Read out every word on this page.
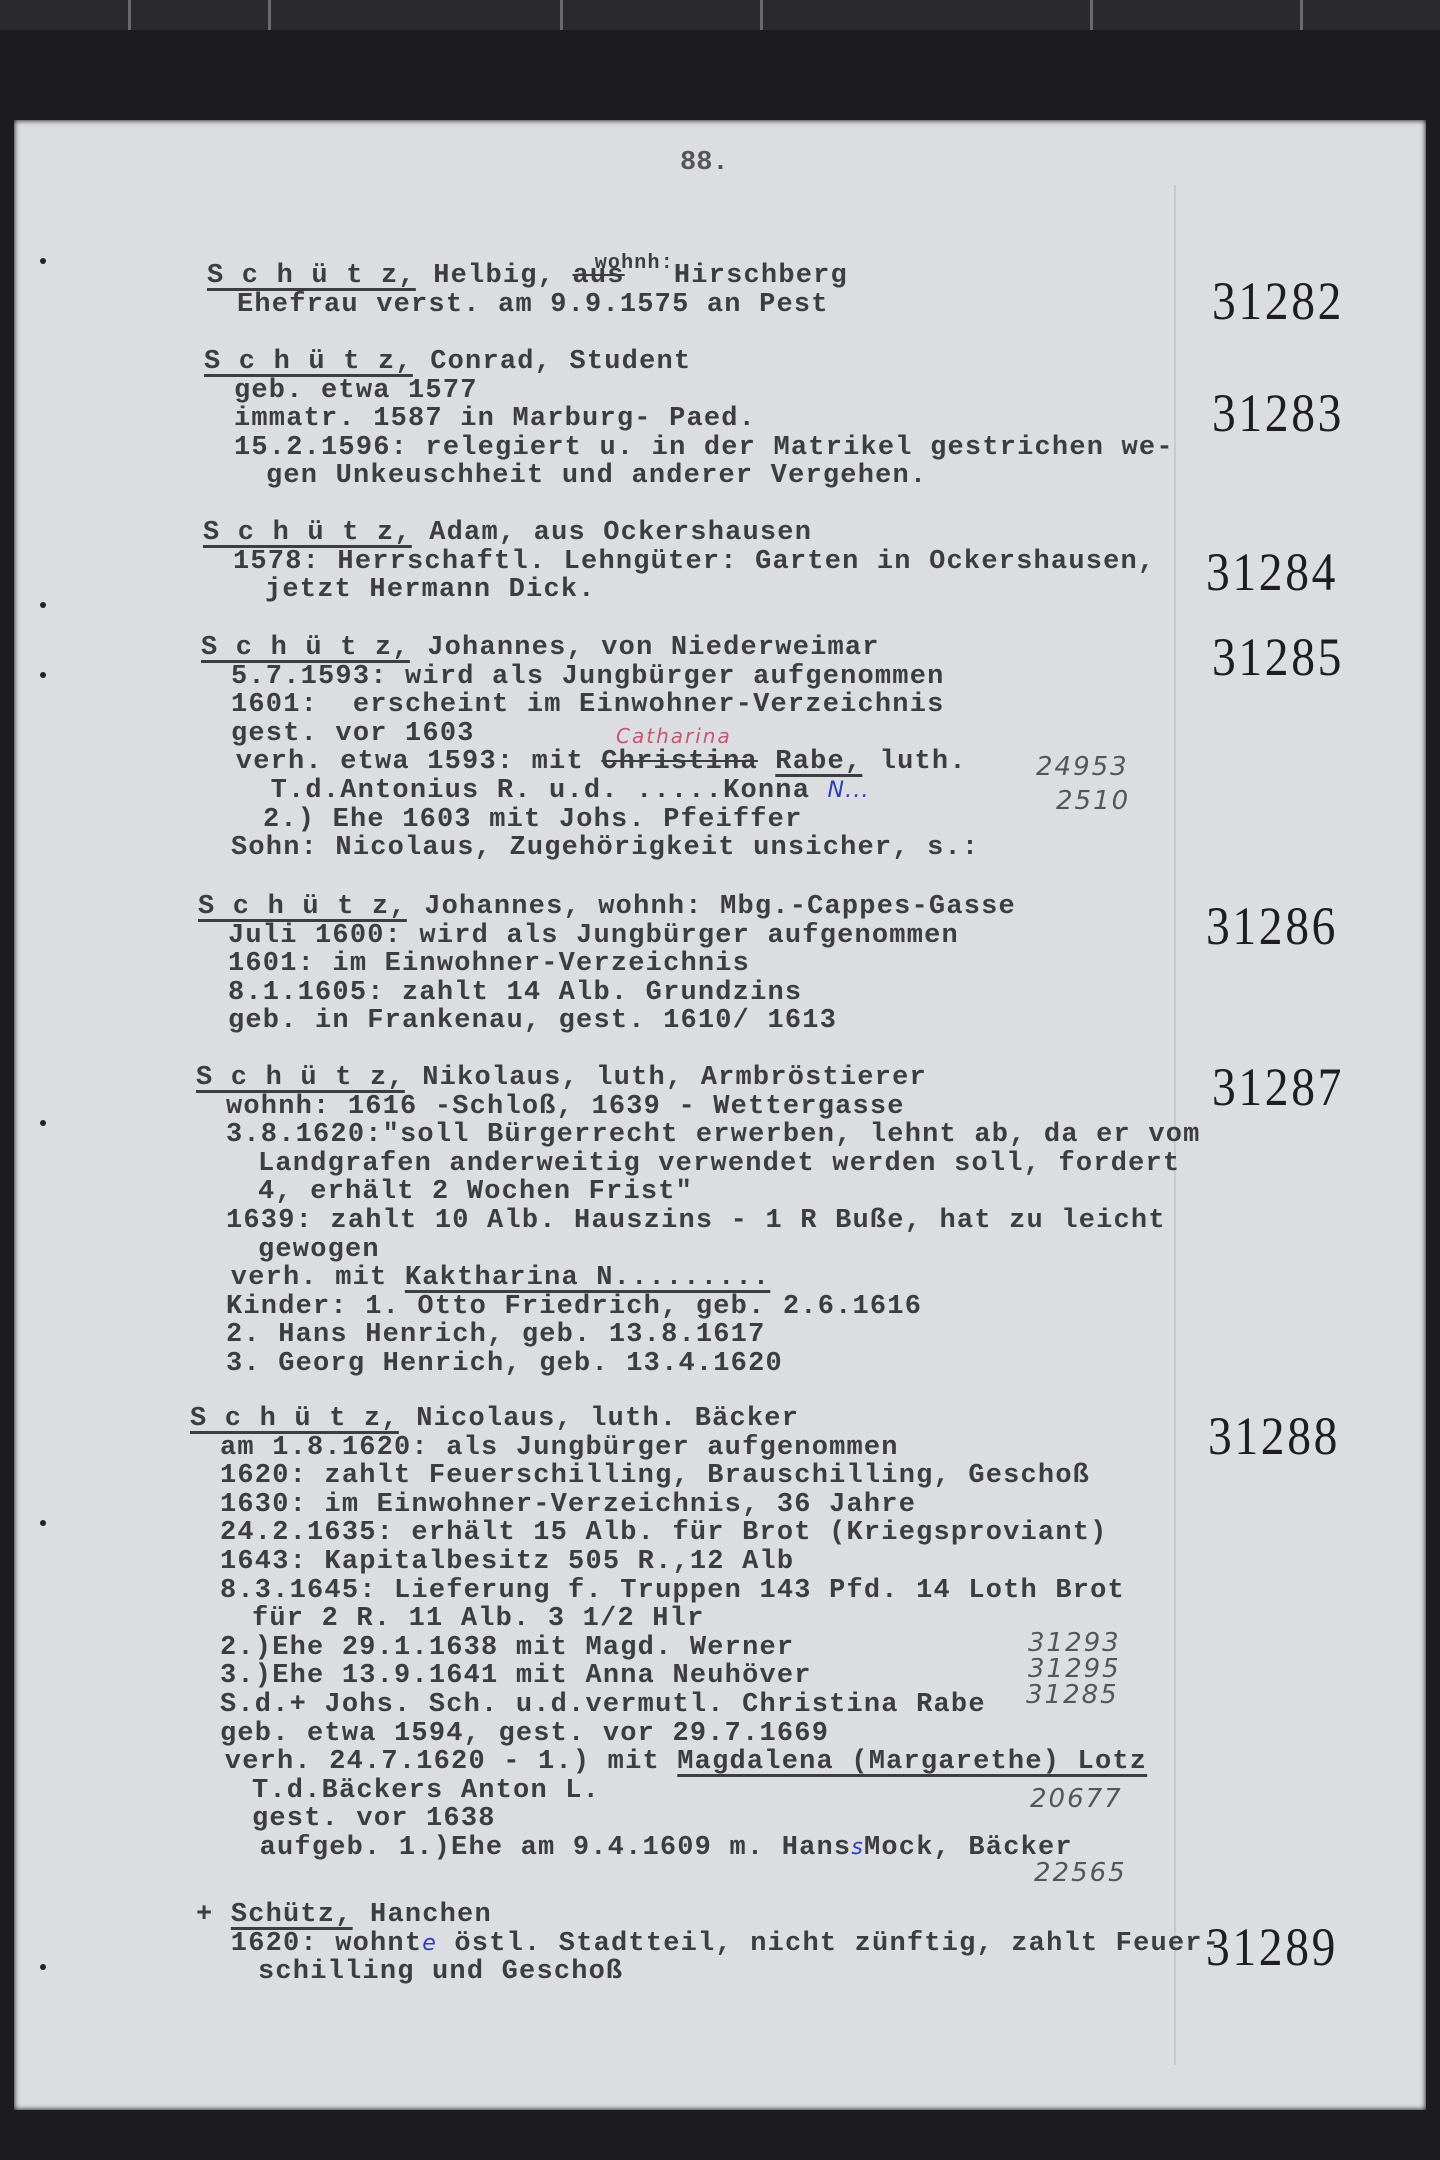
88.
S c h ü t z, Helbig, aus$^{wohnh:}$Hirschberg
Ehefrau verst. am 9.9.1575 an Pest
S c h ü t z, Conrad, Student
geb. etwa 1577
immatr. 1587 in Marburg- Paed.
15.2.1596: relegiert u. in der Matrikel gestrichen we-
gen Unkeuschheit und anderer Vergehen.
S c h ü t z, Adam, aus Ockershausen
1578: Herrschaftl. Lehngüter: Garten in Ockershausen,
jetzt Hermann Dick.
S c h ü t z, Johannes, von Niederweimar
5.7.1593: wird als Jungbürger aufgenommen
1601:  erscheint im Einwohner-Verzeichnis
gest. vor 1603
verh. etwa 1593: mit Christina Rabe, luth.
T.d.Antonius R. u.d. .....Konna N...
2.) Ehe 1603 mit Johs. Pfeiffer
Sohn: Nicolaus, Zugehörigkeit unsicher, s.:
S c h ü t z, Johannes, wohnh: Mbg.-Cappes-Gasse
Juli 1600: wird als Jungbürger aufgenommen
1601: im Einwohner-Verzeichnis
8.1.1605: zahlt 14 Alb. Grundzins
geb. in Frankenau, gest. 1610/ 1613
S c h ü t z, Nikolaus, luth, Armbröstierer
wohnh: 1616 -Schloß, 1639 - Wettergasse
3.8.1620:"soll Bürgerrecht erwerben, lehnt ab, da er vom
Landgrafen anderweitig verwendet werden soll, fordert
4, erhält 2 Wochen Frist"
1639: zahlt 10 Alb. Hauszins - 1 R Buße, hat zu leicht
gewogen
verh. mit Kaktharina N.........
Kinder: 1. Otto Friedrich, geb. 2.6.1616
2. Hans Henrich, geb. 13.8.1617
3. Georg Henrich, geb. 13.4.1620
S c h ü t z, Nicolaus, luth. Bäcker
am 1.8.1620: als Jungbürger aufgenommen
1620: zahlt Feuerschilling, Brauschilling, Geschoß
1630: im Einwohner-Verzeichnis, 36 Jahre
24.2.1635: erhält 15 Alb. für Brot (Kriegsproviant)
1643: Kapitalbesitz 505 R.,12 Alb
8.3.1645: Lieferung f. Truppen 143 Pfd. 14 Loth Brot
für 2 R. 11 Alb. 3 1/2 Hlr
2.)Ehe 29.1.1638 mit Magd. Werner
3.)Ehe 13.9.1641 mit Anna Neuhöver
S.d.+ Johs. Sch. u.d.vermutl. Christina Rabe
geb. etwa 1594, gest. vor 29.7.1669
verh. 24.7.1620 - 1.) mit Magdalena (Margarethe) Lotz
T.d.Bäckers Anton L.
gest. vor 1638
aufgeb. 1.)Ehe am 9.4.1609 m. HanssMock, Bäcker
+ Schütz, Hanchen
1620: wohnte östl. Stadtteil, nicht zünftig, zahlt Feuer-
schilling und Geschoß
31282
31283
31284
31285
31286
31287
31288
31289
Catharina
24953
2510
31293
31295
31285
20677
22565
